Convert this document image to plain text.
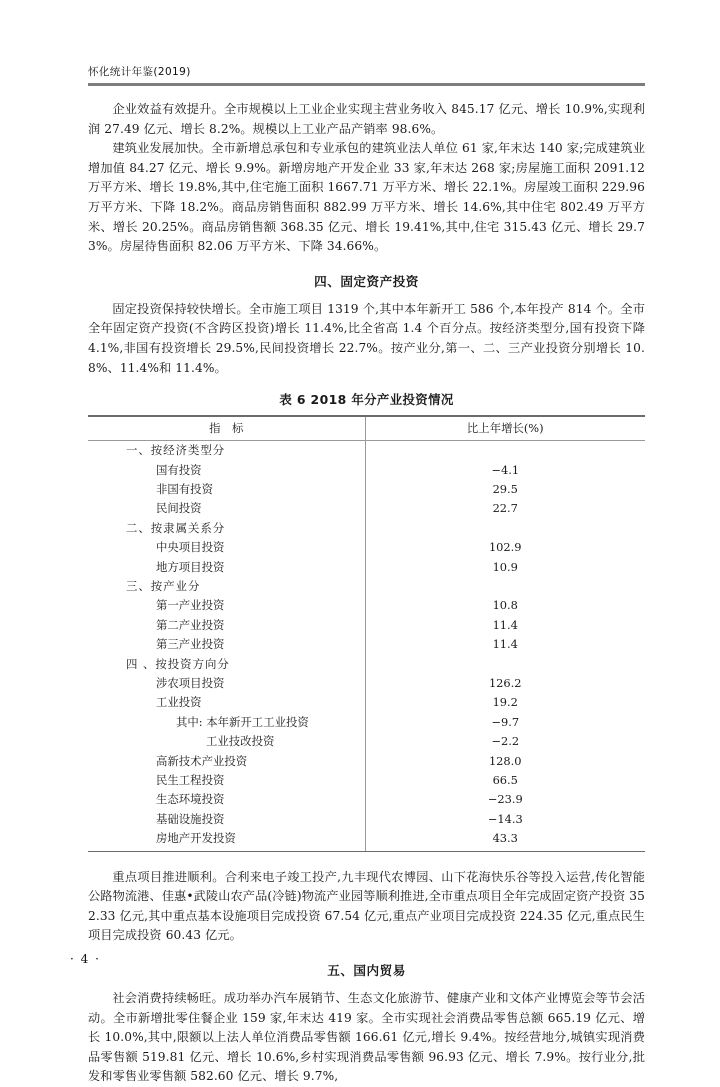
怀化统计年鉴(2019)

企业效益有效提升。全市规模以上工业企业实现主营业务收入 845.17 亿元、增长 10.9%,实现利润 27.49 亿元、增长 8.2%。规模以上工业产品产销率 98.6%。

建筑业发展加快。全市新增总承包和专业承包的建筑业法人单位 61 家,年末达 140 家;完成建筑业增加值 84.27 亿元、增长 9.9%。新增房地产开发企业 33 家,年末达 268 家;房屋施工面积 2091.12 万平方米、增长 19.8%,其中,住宅施工面积 1667.71 万平方米、增长 22.1%。房屋竣工面积 229.96 万平方米、下降 18.2%。商品房销售面积 882.99 万平方米、增长 14.6%,其中住宅 802.49 万平方米、增长 20.25%。商品房销售额 368.35 亿元、增长 19.41%,其中,住宅 315.43 亿元、增长 29.73%。房屋待售面积 82.06 万平方米、下降 34.66%。

四、固定资产投资

固定投资保持较快增长。全市施工项目 1319 个,其中本年新开工 586 个,本年投产 814 个。全市全年固定资产投资(不含跨区投资)增长 11.4%,比全省高 1.4 个百分点。按经济类型分,国有投资下降 4.1%,非国有投资增长 29.5%,民间投资增长 22.7%。按产业分,第一、二、三产业投资分别增长 10.8%、11.4%和 11.4%。

表 6 2018 年分产业投资情况
指　标	比上年增长(%)
一、按经济类型分	
国有投资	−4.1
非国有投资	29.5
民间投资	22.7
二、按隶属关系分	
中央项目投资	102.9
地方项目投资	10.9
三、按产业分	
第一产业投资	10.8
第二产业投资	11.4
第三产业投资	11.4
四 、按投资方向分	
涉农项目投资	126.2
工业投资	19.2
其中: 本年新开工工业投资	−9.7
工业技改投资	−2.2
高新技术产业投资	128.0
民生工程投资	66.5
生态环境投资	−23.9
基础设施投资	−14.3
房地产开发投资	43.3

重点项目推进顺利。合利来电子竣工投产,九丰现代农博园、山下花海快乐谷等投入运营,传化智能公路物流港、佳惠•武陵山农产品(冷链)物流产业园等顺利推进,全市重点项目全年完成固定资产投资 352.33 亿元,其中重点基本设施项目完成投资 67.54 亿元,重点产业项目完成投资 224.35 亿元,重点民生项目完成投资 60.43 亿元。

五、国内贸易

社会消费持续畅旺。成功举办汽车展销节、生态文化旅游节、健康产业和文体产业博览会等节会活动。全市新增批零住餐企业 159 家,年末达 419 家。全市实现社会消费品零售总额 665.19 亿元、增长 10.0%,其中,限额以上法人单位消费品零售额 166.61 亿元,增长 9.4%。按经营地分,城镇实现消费品零售额 519.81 亿元、增长 10.6%,乡村实现消费品零售额 96.93 亿元、增长 7.9%。按行业分,批发和零售业零售额 582.60 亿元、增长 9.7%,

· 4 ·
